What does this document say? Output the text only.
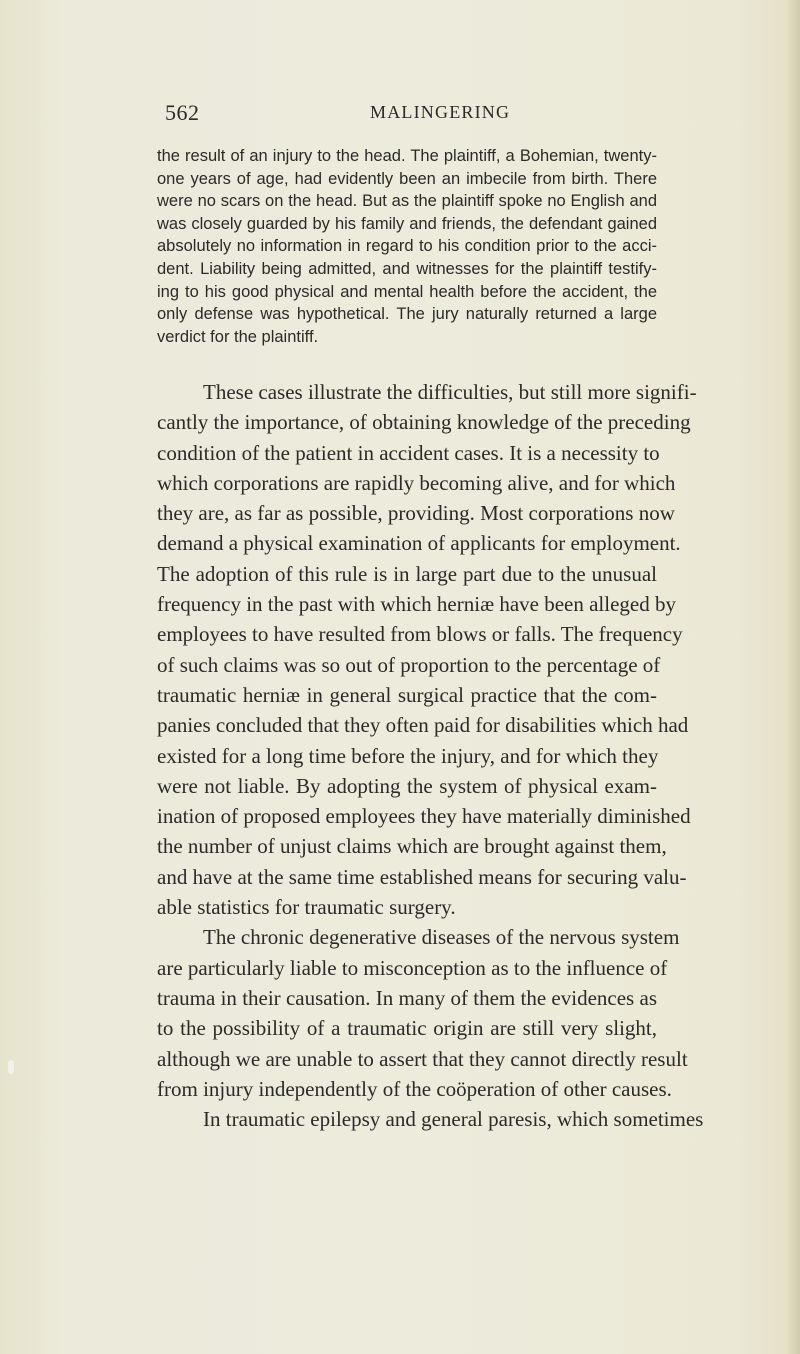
562	MALINGERING
the result of an injury to the head. The plaintiff, a Bohemian, twenty-
one years of age, had evidently been an imbecile from birth. There
were no scars on the head. But as the plaintiff spoke no English and
was closely guarded by his family and friends, the defendant gained
absolutely no information in regard to his condition prior to the acci-
dent. Liability being admitted, and witnesses for the plaintiff testify-
ing to his good physical and mental health before the accident, the
only defense was hypothetical. The jury naturally returned a large
verdict for the plaintiff.
These cases illustrate the difficulties, but still more signifi-
cantly the importance, of obtaining knowledge of the preceding
condition of the patient in accident cases. It is a necessity to
which corporations are rapidly becoming alive, and for which
they are, as far as possible, providing. Most corporations now
demand a physical examination of applicants for employment.
The adoption of this rule is in large part due to the unusual
frequency in the past with which herniæ have been alleged by
employees to have resulted from blows or falls. The frequency
of such claims was so out of proportion to the percentage of
traumatic herniæ in general surgical practice that the com-
panies concluded that they often paid for disabilities which had
existed for a long time before the injury, and for which they
were not liable. By adopting the system of physical exam-
ination of proposed employees they have materially diminished
the number of unjust claims which are brought against them,
and have at the same time established means for securing valu-
able statistics for traumatic surgery.
The chronic degenerative diseases of the nervous system
are particularly liable to misconception as to the influence of
trauma in their causation. In many of them the evidences as
to the possibility of a traumatic origin are still very slight,
although we are unable to assert that they cannot directly result
from injury independently of the coöperation of other causes.
In traumatic epilepsy and general paresis, which sometimes
